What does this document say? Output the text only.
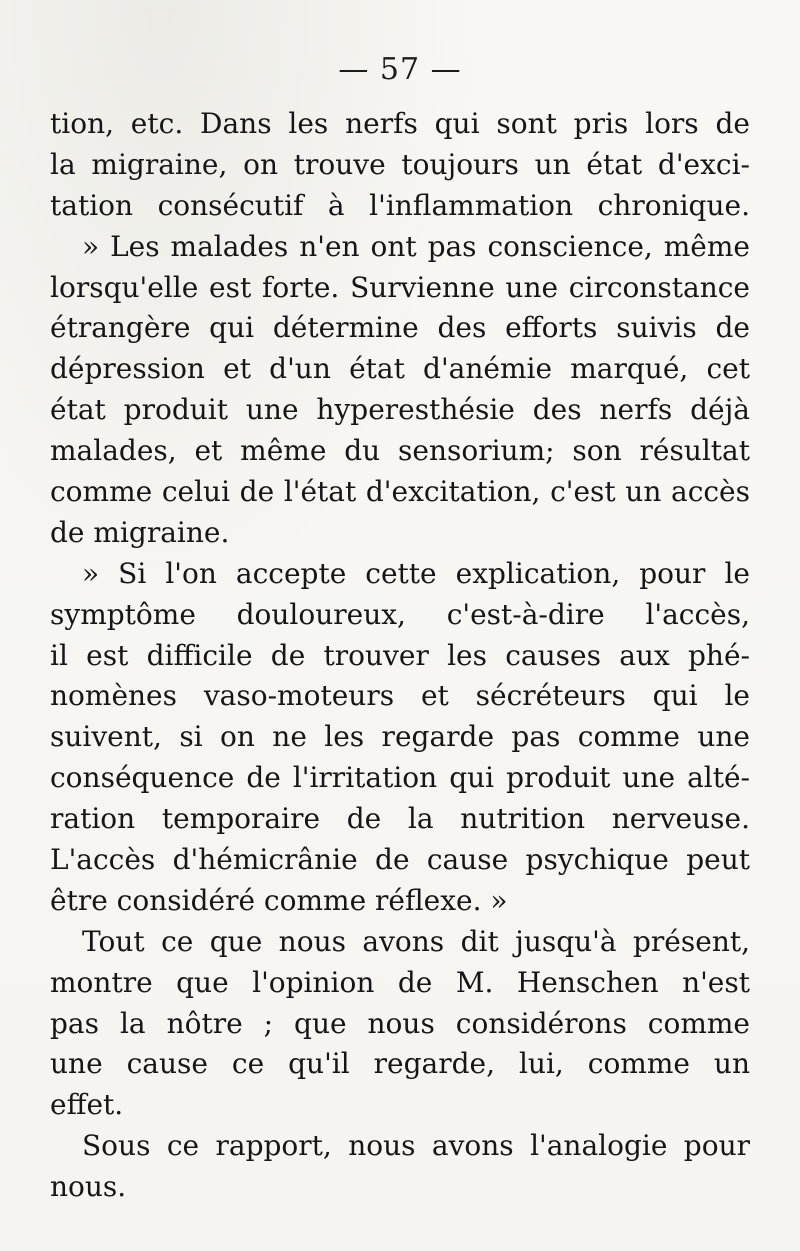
— 57 —
tion, etc. Dans les nerfs qui sont pris lors de
la migraine, on trouve toujours un état d'exci-
tation consécutif à l'inflammation chronique.
» Les malades n'en ont pas conscience, même
lorsqu'elle est forte. Survienne une circonstance
étrangère qui détermine des efforts suivis de
dépression et d'un état d'anémie marqué, cet
état produit une hyperesthésie des nerfs déjà
malades, et même du sensorium; son résultat
comme celui de l'état d'excitation, c'est un accès
de migraine.
» Si l'on accepte cette explication, pour le
symptôme douloureux, c'est-à-dire l'accès,
il est difficile de trouver les causes aux phé-
nomènes vaso-moteurs et sécréteurs qui le
suivent, si on ne les regarde pas comme une
conséquence de l'irritation qui produit une alté-
ration temporaire de la nutrition nerveuse.
L'accès d'hémicrânie de cause psychique peut
être considéré comme réflexe. »
Tout ce que nous avons dit jusqu'à présent,
montre que l'opinion de M. Henschen n'est
pas la nôtre ; que nous considérons comme
une cause ce qu'il regarde, lui, comme un
effet.
Sous ce rapport, nous avons l'analogie pour
nous.
